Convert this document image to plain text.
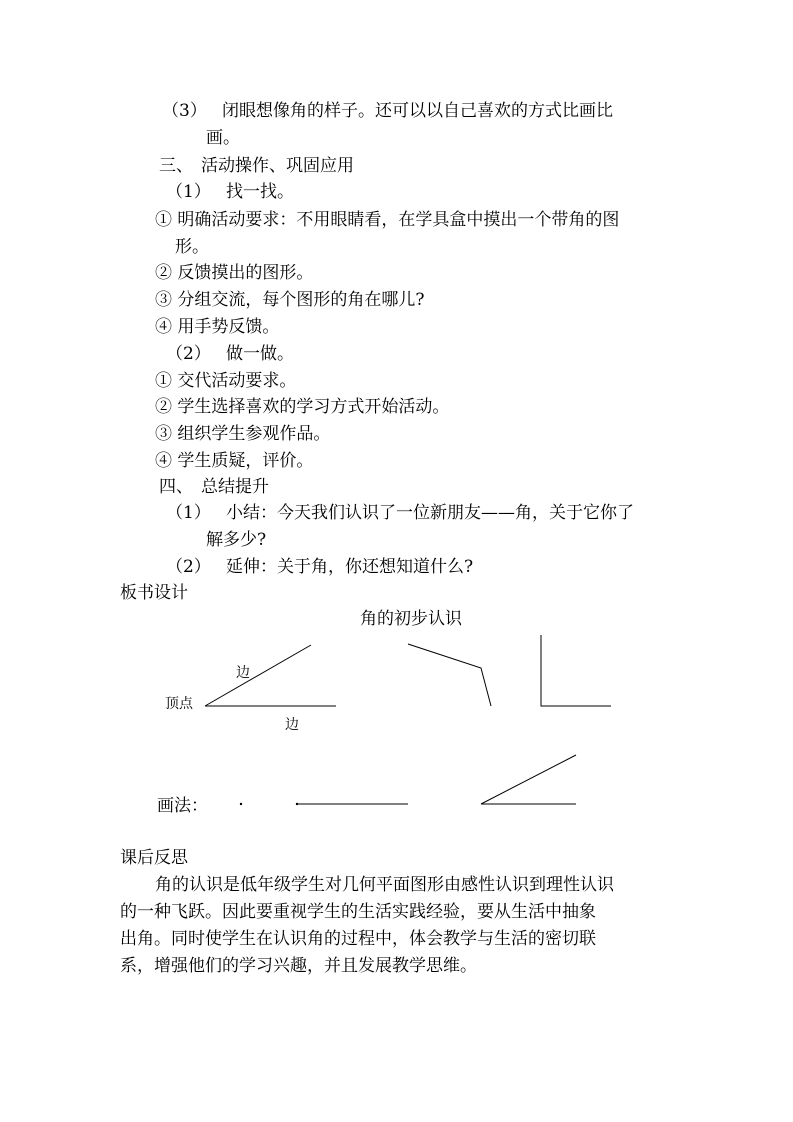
（3） 闭眼想像角的样子。还可以以自己喜欢的方式比画比
画。
三、 活动操作、巩固应用
（1） 找一找。
① 明确活动要求：不用眼睛看，在学具盒中摸出一个带角的图
形。
② 反馈摸出的图形。
③ 分组交流，每个图形的角在哪儿?
④ 用手势反馈。
（2） 做一做。
① 交代活动要求。
② 学生选择喜欢的学习方式开始活动。
③ 组织学生参观作品。
④ 学生质疑，评价。
四、 总结提升
（1） 小结：今天我们认识了一位新朋友——角，关于它你了
解多少?
（2） 延伸：关于角，你还想知道什么?
板书设计
角的初步认识
边
顶点
边
画法：
课后反思
角的认识是低年级学生对几何平面图形由感性认识到理性认识
的一种飞跃。因此要重视学生的生活实践经验，要从生活中抽象
出角。同时使学生在认识角的过程中，体会教学与生活的密切联
系，增强他们的学习兴趣，并且发展教学思维。
